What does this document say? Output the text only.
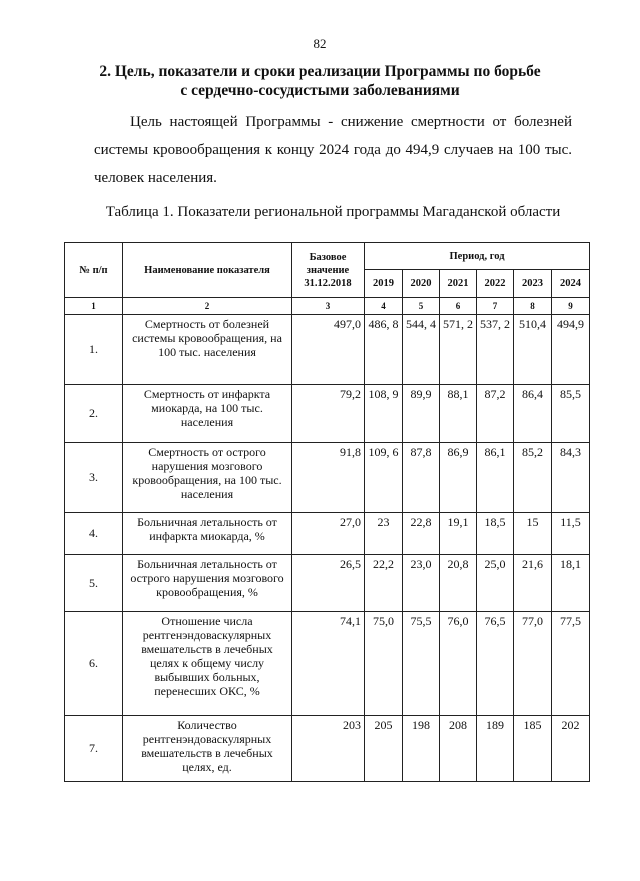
82
2. Цель, показатели и сроки реализации Программы по борьбе
с сердечно-сосудистыми заболеваниями
Цель настоящей Программы - снижение смертности от болезней
системы кровообращения к концу 2024 года до 494,9 случаев на 100 тыс.
человек населения.
Таблица 1. Показатели региональной программы Магаданской области
№ п/п	Наименование показателя	Базовое значение 31.12.2018	Период, год					
			2019	2020	2021	2022	2023	2024
1	2	3	4	5	6	7	8	9
1.	Смертность от болезней системы кровообращения, на 100 тыс. населения	497,0	486, 8	544, 4	571, 2	537, 2	510,4	494,9
2.	Смертность от инфаркта миокарда, на 100 тыс. населения	79,2	108, 9	89,9	88,1	87,2	86,4	85,5
3.	Смертность от острого нарушения мозгового кровообращения, на 100 тыс. населения	91,8	109, 6	87,8	86,9	86,1	85,2	84,3
4.	Больничная летальность от инфаркта миокарда, %	27,0	23	22,8	19,1	18,5	15	11,5
5.	Больничная летальность от острого нарушения мозгового кровообращения, %	26,5	22,2	23,0	20,8	25,0	21,6	18,1
6.	Отношение числа рентгенэндоваскулярных вмешательств в лечебных целях к общему числу выбывших больных, перенесших ОКС, %	74,1	75,0	75,5	76,0	76,5	77,0	77,5
7.	Количество рентгенэндоваскулярных вмешательств в лечебных целях, ед.	203	205	198	208	189	185	202
